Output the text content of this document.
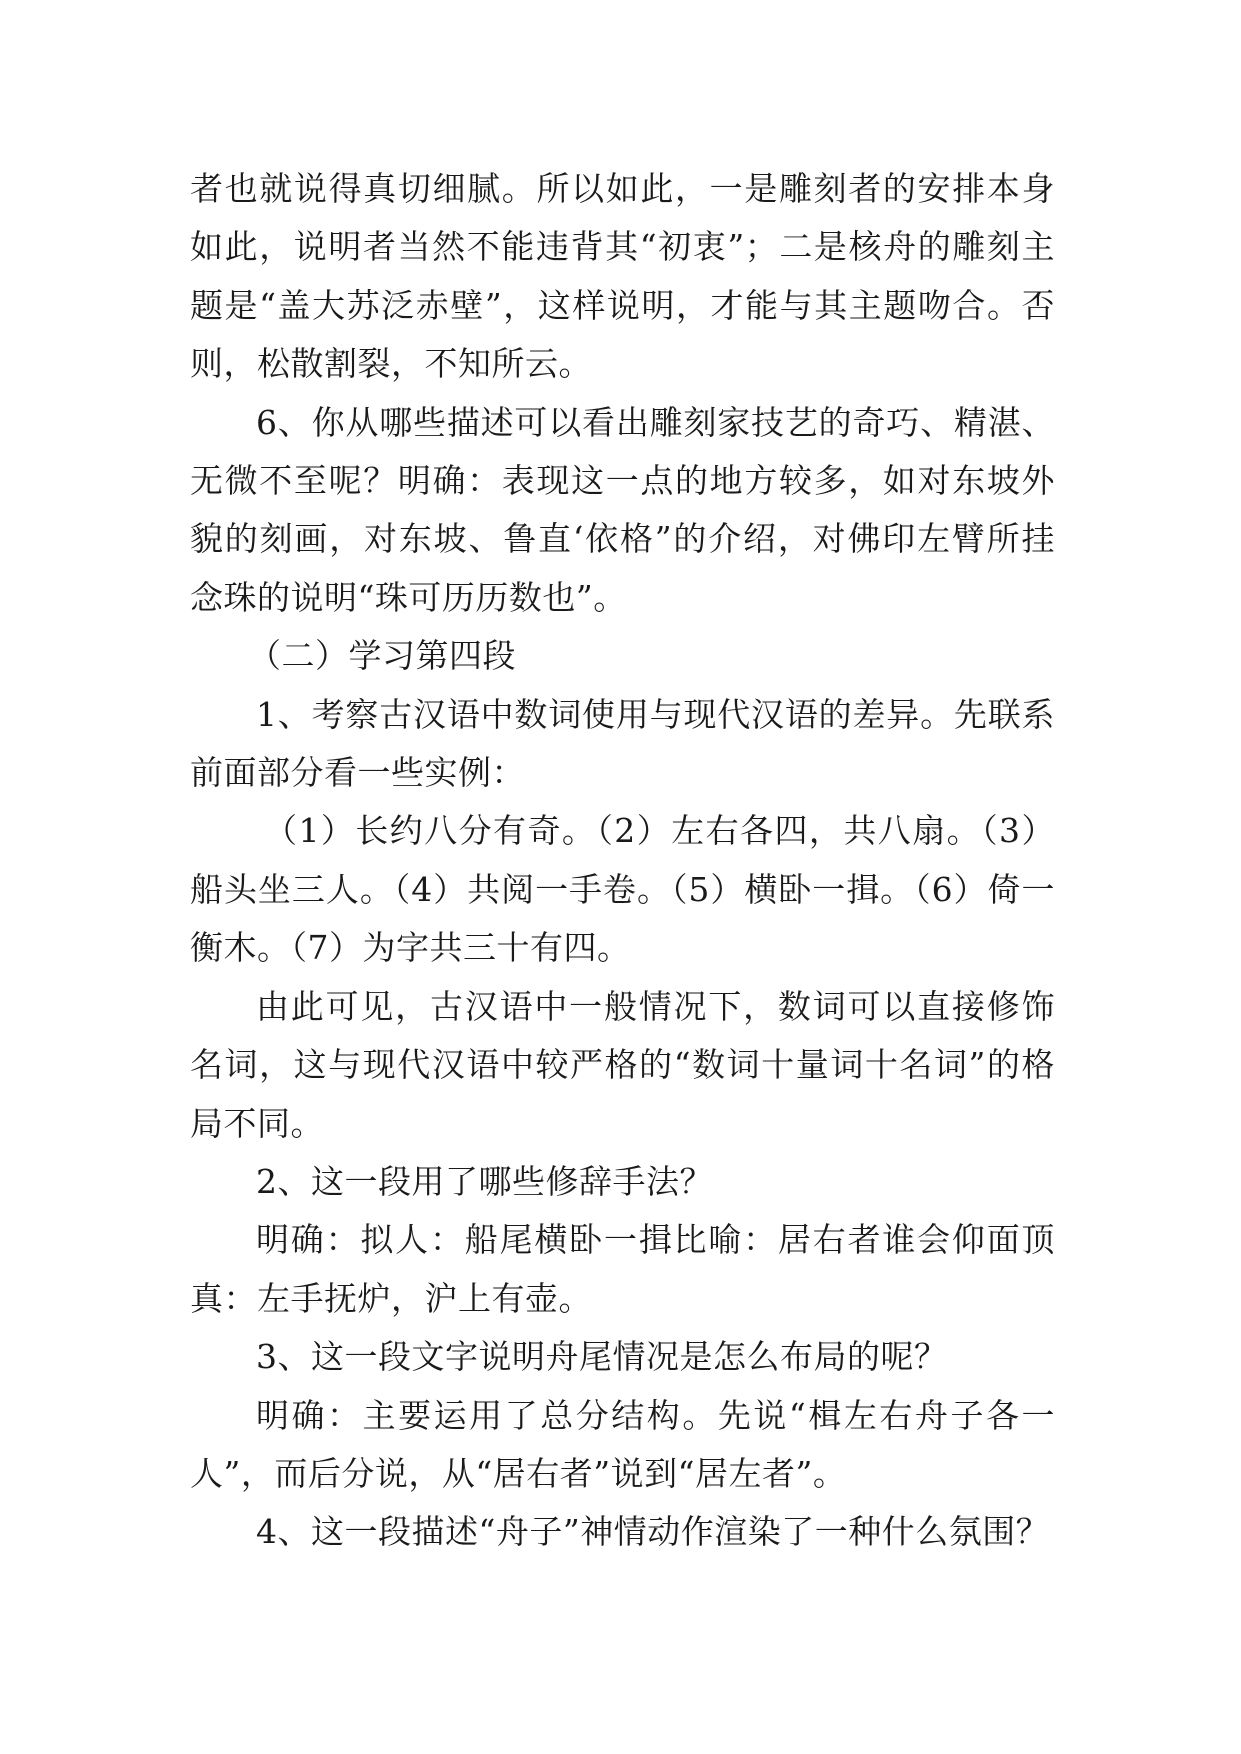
者也就说得真切细腻。所以如此，一是雕刻者的安排本身如此，说明者当然不能违背其“初衷”；二是核舟的雕刻主题是“盖大苏泛赤壁”，这样说明，才能与其主题吻合。否则，松散割裂，不知所云。

6、你从哪些描述可以看出雕刻家技艺的奇巧、精湛、无微不至呢？明确：表现这一点的地方较多，如对东坡外貌的刻画，对东坡、鲁直‘依格”的介绍，对佛印左臂所挂念珠的说明“珠可历历数也”。

（二）学习第四段

1、考察古汉语中数词使用与现代汉语的差异。先联系前面部分看一些实例：

（1）长约八分有奇。（2）左右各四，共八扇。（3）船头坐三人。（4）共阅一手卷。（5）横卧一揖。（6）倚一衡木。（7）为字共三十有四。

由此可见，古汉语中一般情况下，数词可以直接修饰名词，这与现代汉语中较严格的“数词十量词十名词”的格局不同。

2、这一段用了哪些修辞手法？

明确：拟人：船尾横卧一揖比喻：居右者谁会仰面顶真：左手抚炉，沪上有壶。

3、这一段文字说明舟尾情况是怎么布局的呢？

明确：主要运用了总分结构。先说“楫左右舟子各一人”，而后分说，从“居右者”说到“居左者”。

4、这一段描述“舟子”神情动作渲染了一种什么氛围？
